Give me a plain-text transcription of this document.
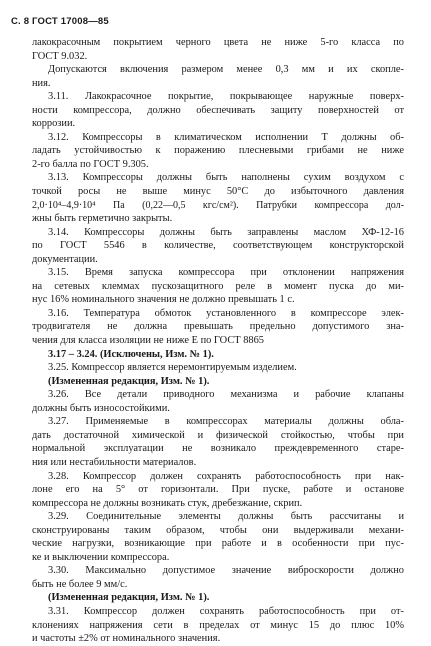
С. 8 ГОСТ 17008—85
лакокрасочным покрытием черного цвета не ниже 5-го класса по
ГОСТ 9.032.
Допускаются включения размером менее 0,3 мм и их скопле-
ния.
3.11. Лакокрасочное покрытие, покрывающее наружные поверх-
ности компрессора, должно обеспечивать защиту поверхностей от
коррозии.
3.12. Компрессоры в климатическом исполнении Т должны об-
ладать устойчивостью к поражению плесневыми грибами не ниже
2-го балла по ГОСТ 9.305.
3.13. Компрессоры должны быть наполнены сухим воздухом с
точкой росы не выше минус 50°С до избыточного давления
2,0·10⁴–4,9·10⁴ Па (0,22—0,5 кгс/см²). Патрубки компрессора дол-
жны быть герметично закрыты.
3.14. Компрессоры должны быть заправлены маслом ХФ-12-16
по ГОСТ 5546 в количестве, соответствующем конструкторской
документации.
3.15. Время запуска компрессора при отклонении напряжения
на сетевых клеммах пускозащитного реле в момент пуска до ми-
нус 16% номинального значения не должно превышать 1 с.
3.16. Температура обмоток установленного в компрессоре элек-
тродвигателя не должна превышать предельно допустимого зна-
чения для класса изоляции не ниже Е по ГОСТ 8865
3.17 – 3.24. (Исключены, Изм. № 1).
3.25. Компрессор является неремонтируемым изделием.
(Измененная редакция, Изм. № 1).
3.26. Все детали приводного механизма и рабочие клапаны
должны быть износостойкими.
3.27. Применяемые в компрессорах материалы должны обла-
дать достаточной химической и физической стойкостью, чтобы при
нормальной эксплуатации не возникало преждевременного старе-
ния или нестабильности материалов.
3.28. Компрессор должен сохранять работоспособность при нак-
лоне его на 5° от горизонтали. При пуске, работе и останове
компрессора не должны возникать стук, дребезжание, скрип.
3.29. Соединительные элементы должны быть рассчитаны и
сконструированы таким образом, чтобы они выдерживали механи-
ческие нагрузки, возникающие при работе и в особенности при пус-
ке и выключении компрессора.
3.30. Максимально допустимое значение виброскорости должно
быть не более 9 мм/с.
(Измененная редакция, Изм. № 1).
3.31. Компрессор должен сохранять работоспособность при от-
клонениях напряжения сети в пределах от минус 15 до плюс 10%
и частоты ±2% от номинального значения.
